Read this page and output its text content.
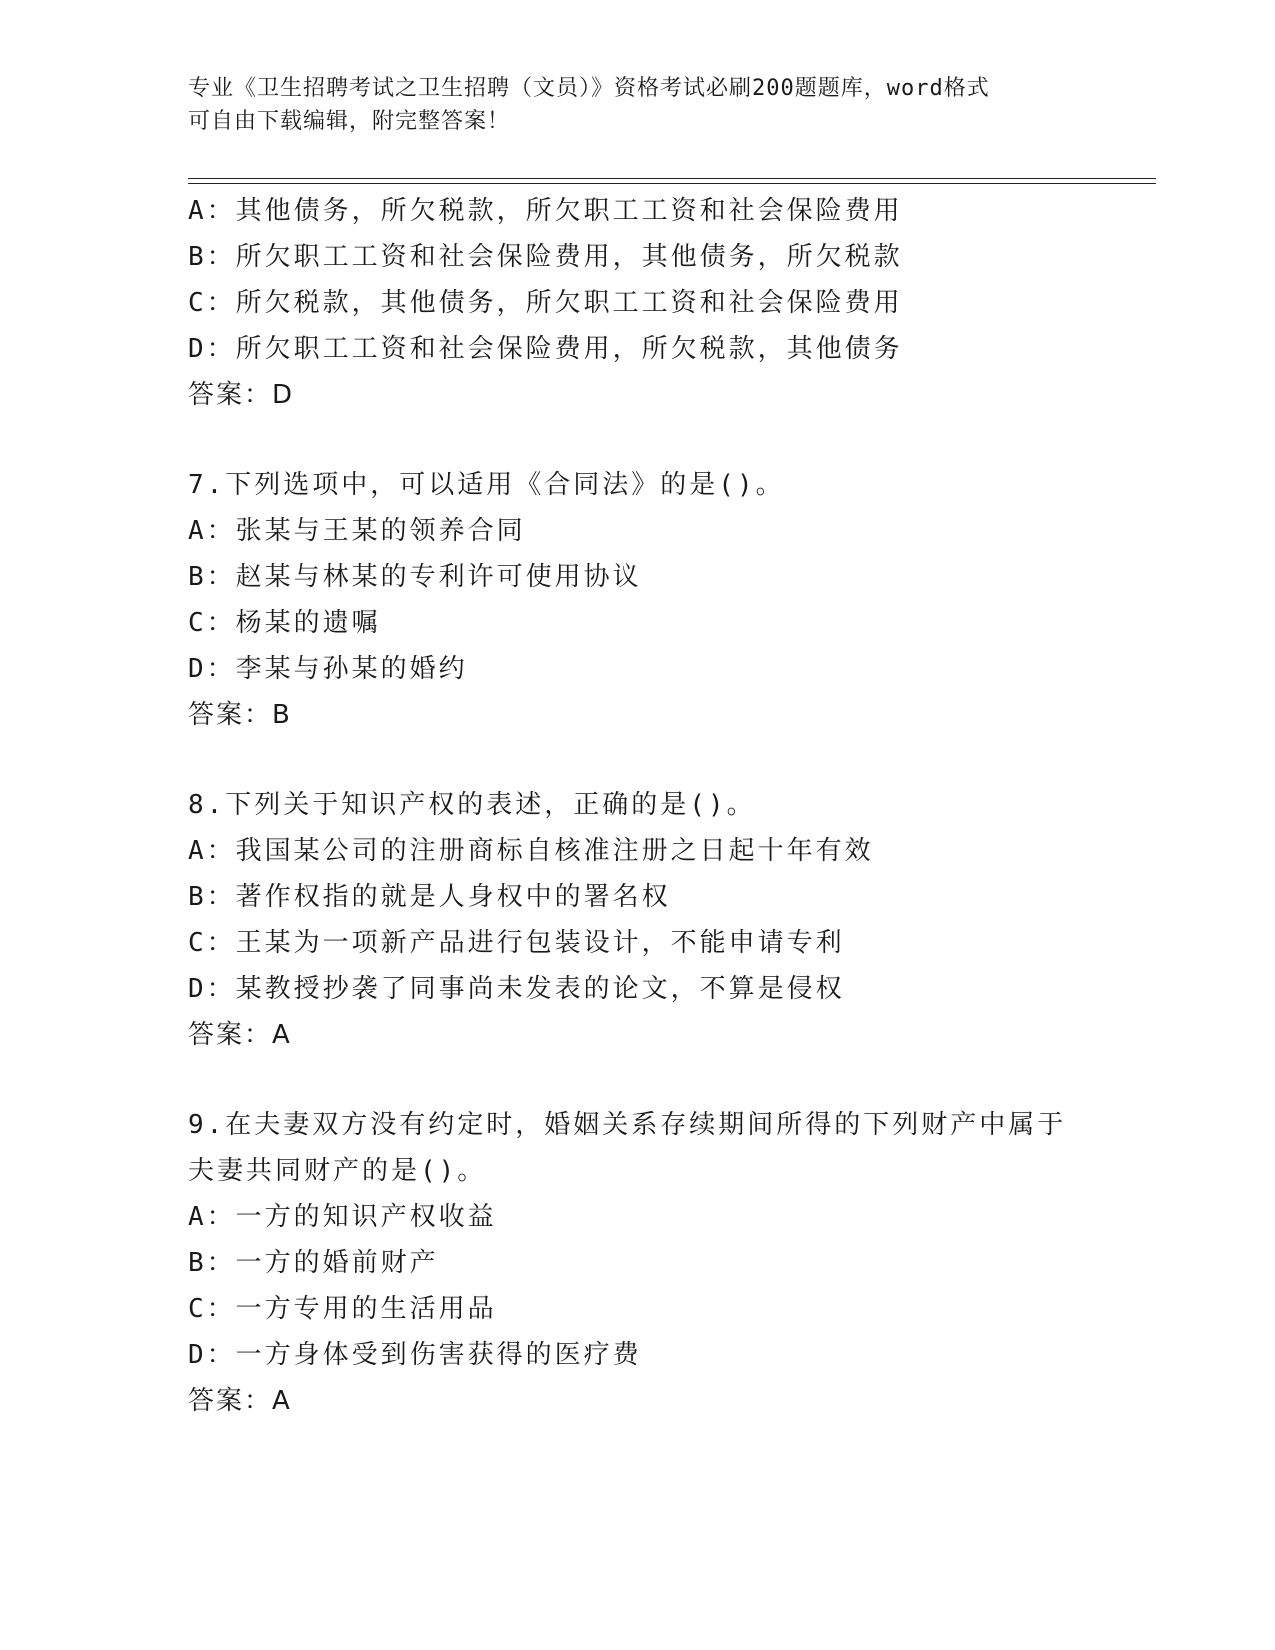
专业《卫生招聘考试之卫生招聘（文员）》资格考试必刷200题题库，word格式
可自由下载编辑，附完整答案！
A：其他债务，所欠税款，所欠职工工资和社会保险费用
B：所欠职工工资和社会保险费用，其他债务，所欠税款
C：所欠税款，其他债务，所欠职工工资和社会保险费用
D：所欠职工工资和社会保险费用，所欠税款，其他债务
答案：D
7.下列选项中，可以适用《合同法》的是()。
A：张某与王某的领养合同
B：赵某与林某的专利许可使用协议
C：杨某的遗嘱
D：李某与孙某的婚约
答案：B
8.下列关于知识产权的表述，正确的是()。
A：我国某公司的注册商标自核准注册之日起十年有效
B：著作权指的就是人身权中的署名权
C：王某为一项新产品进行包装设计，不能申请专利
D：某教授抄袭了同事尚未发表的论文，不算是侵权
答案：A
9.在夫妻双方没有约定时，婚姻关系存续期间所得的下列财产中属于
夫妻共同财产的是()。
A：一方的知识产权收益
B：一方的婚前财产
C：一方专用的生活用品
D：一方身体受到伤害获得的医疗费
答案：A
